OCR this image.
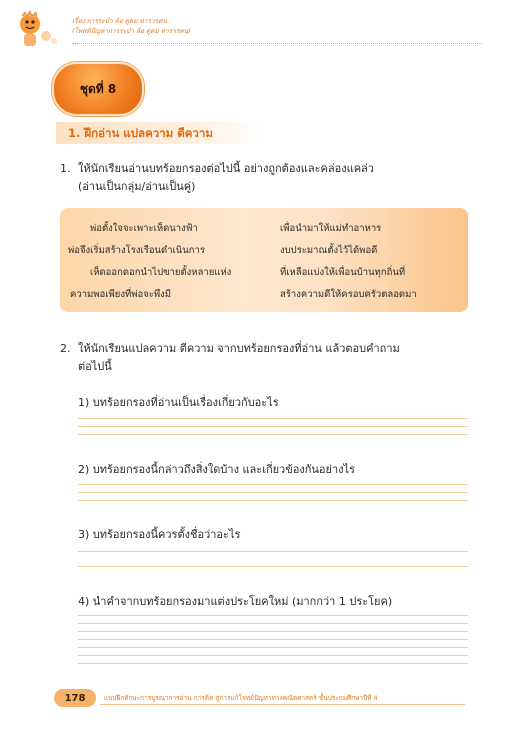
เรื่อง การระบำ ล้อ ดูดม หารวรคน
(โพสต์ปัญหาการระบำ ล้อ ดูดม หารวรคน)
ชุดที่ 8
1. ฝึกอ่าน แปลความ ตีความ
1. ให้นักเรียนอ่านบทร้อยกรองต่อไปนี้ อย่างถูกต้องและคล่องแคล่ว
(อ่านเป็นกลุ่ม/อ่านเป็นคู่)
พ่อตั้งใจจะเพาะเห็ดนางฟ้า
พ่อจึงเริ่มสร้างโรงเรือนดำเนินการ
เห็ดออกดอกนำไปขายตั้งหลายแห่ง
ความพอเพียงที่พ่อจะพึงมี
เพื่อนำมาให้แม่ทำอาหาร
งบประมาณตั้งไว้ได้พอดี
ที่เหลือแบ่งให้เพื่อนบ้านทุกถิ่นที่
สร้างความดีให้ครอบครัวตลอดมา
2. ให้นักเรียนแปลความ ตีความ จากบทร้อยกรองที่อ่าน แล้วตอบคำถาม
ต่อไปนี้
1) บทร้อยกรองที่อ่านเป็นเรื่องเกี่ยวกับอะไร
2) บทร้อยกรองนี้กล่าวถึงสิ่งใดบ้าง และเกี่ยวข้องกันอย่างไร
3) บทร้อยกรองนี้ควรตั้งชื่อว่าอะไร
4) นำคำจากบทร้อยกรองมาแต่งประโยคใหม่ (มากกว่า 1 ประโยค)
178	แบบฝึกทักษะการบูรณาการอ่าน การคิด สู่การแก้โจทย์ปัญหาทางคณิตศาสตร์ ชั้นประถมศึกษาปีที่ 4
